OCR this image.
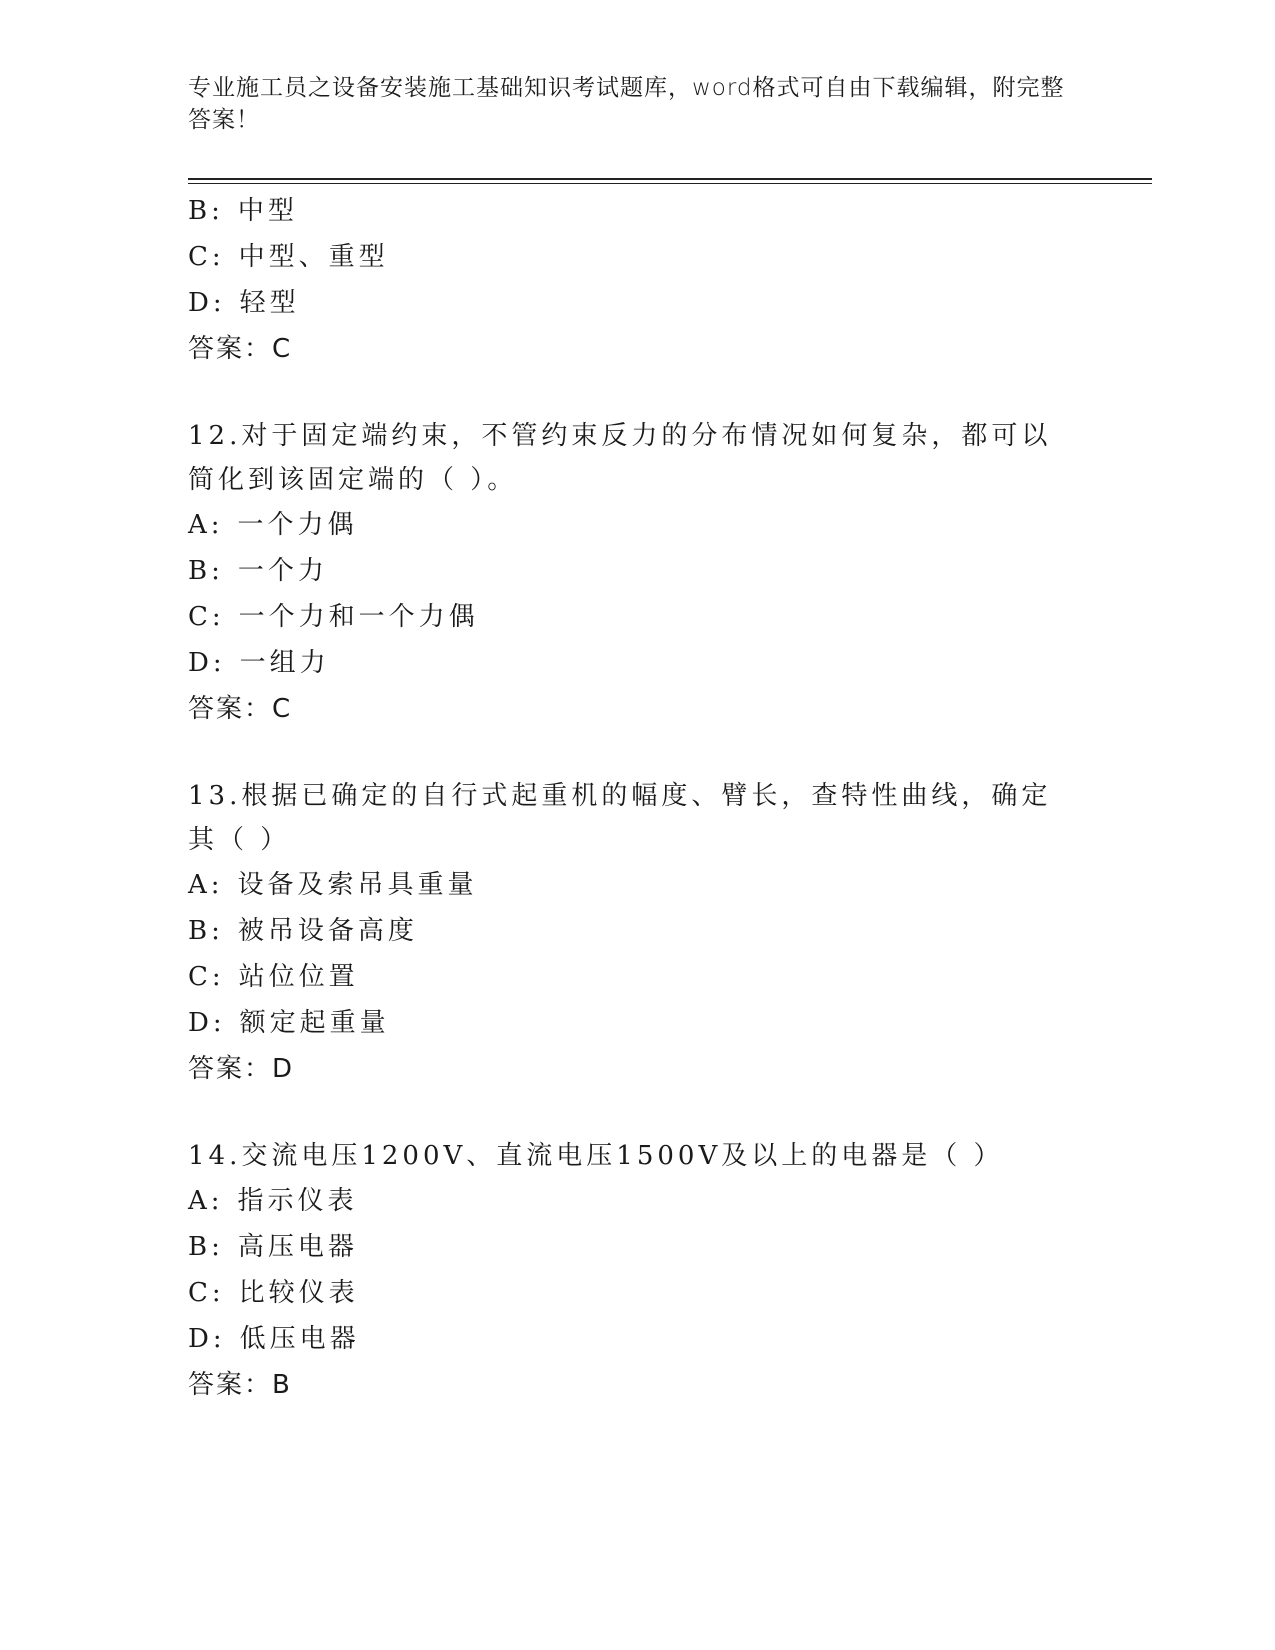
专业施工员之设备安装施工基础知识考试题库，word格式可自由下载编辑，附完整答案！
B: 中型
C: 中型、重型
D: 轻型
答案：C
12.对于固定端约束，不管约束反力的分布情况如何复杂，都可以简化到该固定端的（ ）。
A: 一个力偶
B: 一个力
C: 一个力和一个力偶
D: 一组力
答案：C
13.根据已确定的自行式起重机的幅度、臂长，查特性曲线，确定其（ ）
A: 设备及索吊具重量
B: 被吊设备高度
C: 站位位置
D: 额定起重量
答案：D
14.交流电压1200V、直流电压1500V及以上的电器是（ ）
A: 指示仪表
B: 高压电器
C: 比较仪表
D: 低压电器
答案：B
